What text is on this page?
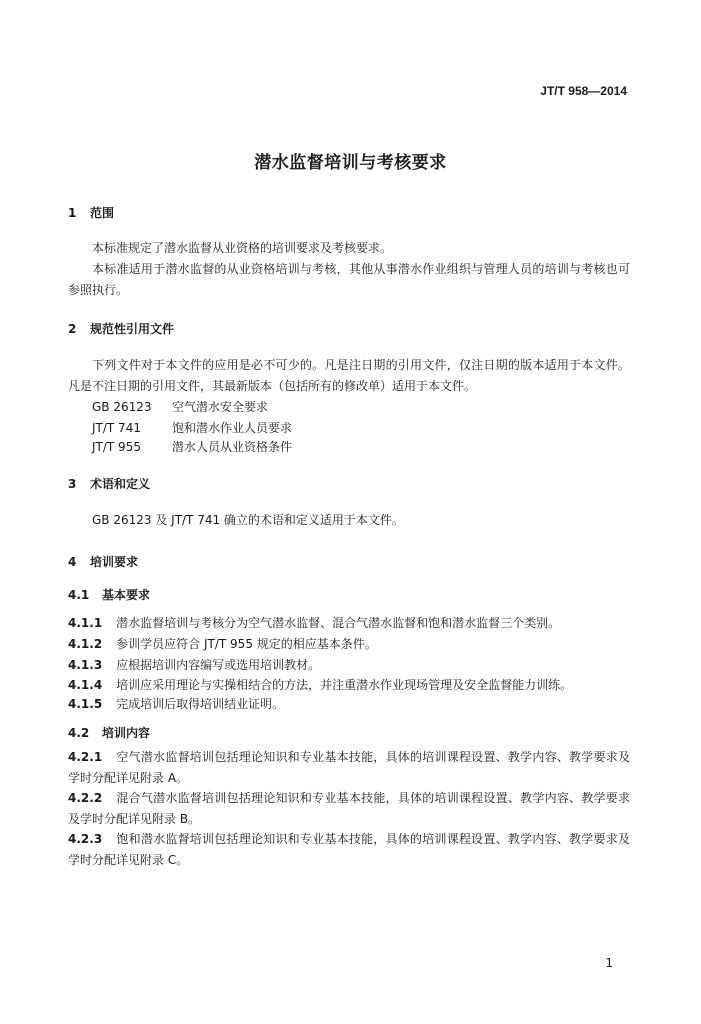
JT/T 958—2014
潜水监督培训与考核要求
1 范围
本标准规定了潜水监督从业资格的培训要求及考核要求。
本标准适用于潜水监督的从业资格培训与考核，其他从事潜水作业组织与管理人员的培训与考核也可参照执行。
2 规范性引用文件
下列文件对于本文件的应用是必不可少的。凡是注日期的引用文件，仅注日期的版本适用于本文件。凡是不注日期的引用文件，其最新版本（包括所有的修改单）适用于本文件。
GB 26123 空气潜水安全要求
JT/T 741	饱和潜水作业人员要求
JT/T 955	潜水人员从业资格条件
3 术语和定义
GB 26123 及 JT/T 741 确立的术语和定义适用于本文件。
4 培训要求
4.1 基本要求
4.1.1 潜水监督培训与考核分为空气潜水监督、混合气潜水监督和饱和潜水监督三个类别。
4.1.2 参训学员应符合 JT/T 955 规定的相应基本条件。
4.1.3 应根据培训内容编写或选用培训教材。
4.1.4 培训应采用理论与实操相结合的方法，并注重潜水作业现场管理及安全监督能力训练。
4.1.5 完成培训后取得培训结业证明。
4.2 培训内容
4.2.1 空气潜水监督培训包括理论知识和专业基本技能，具体的培训课程设置、教学内容、教学要求及学时分配详见附录 A。
4.2.2 混合气潜水监督培训包括理论知识和专业基本技能，具体的培训课程设置、教学内容、教学要求及学时分配详见附录 B。
4.2.3 饱和潜水监督培训包括理论知识和专业基本技能，具体的培训课程设置、教学内容、教学要求及学时分配详见附录 C。
1
